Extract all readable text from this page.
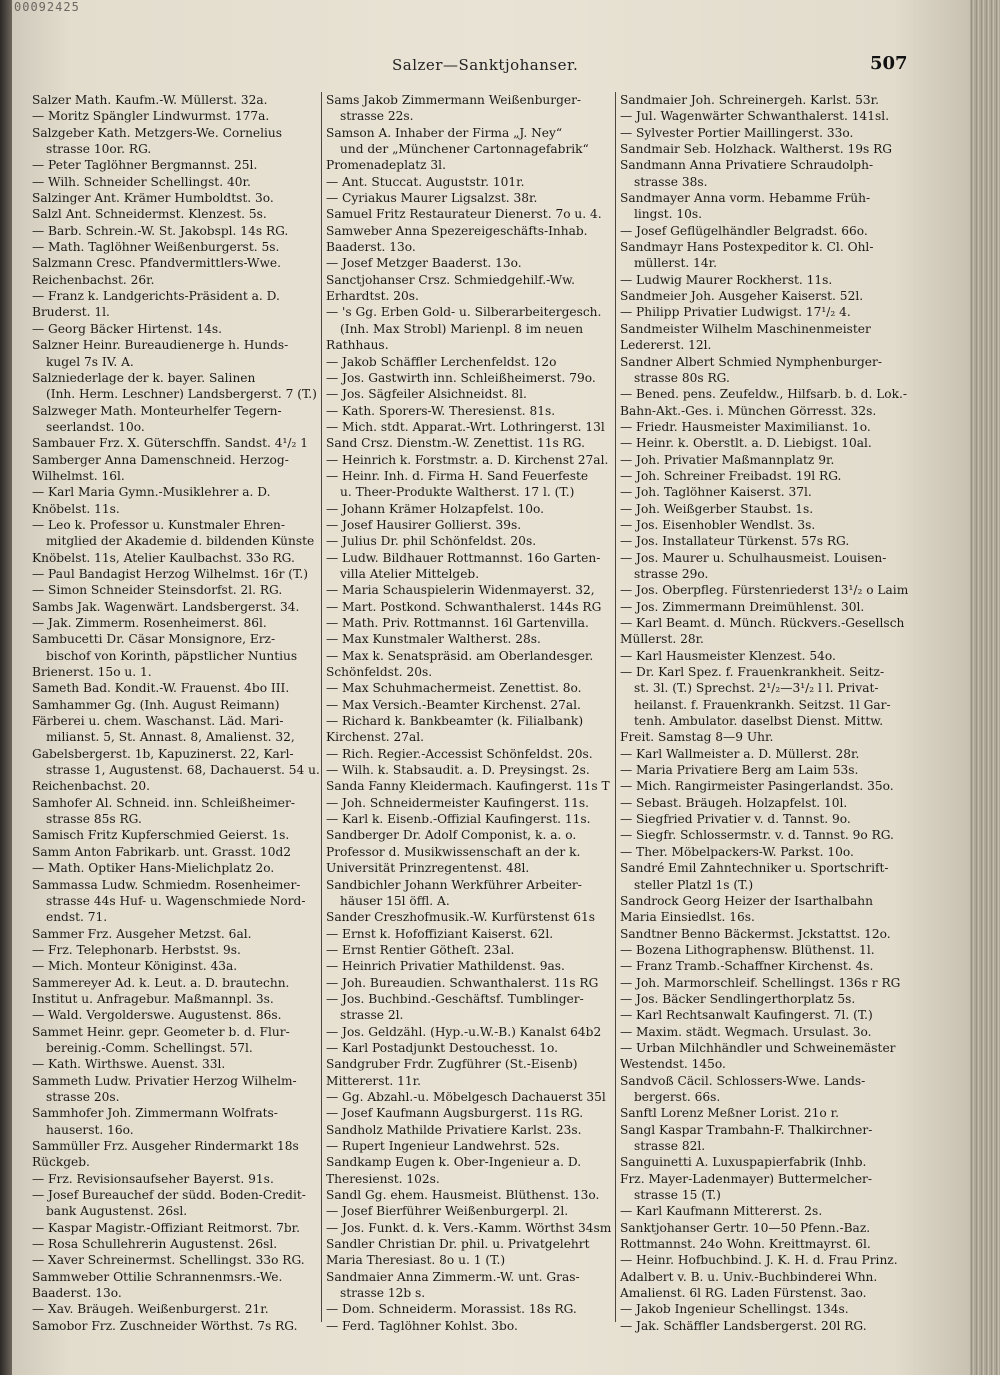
00092425
Salzer—Sanktjohanser.	507
Salzer Math. Kaufm.-W. Müllerst. 32a.
— Moritz Spängler Lindwurmst. 177a.
Salzgeber Kath. Metzgers-We. Cornelius
strasse 10or. RG.
— Peter Taglöhner Bergmannst. 25l.
— Wilh. Schneider Schellingst. 40r.
Salzinger Ant. Krämer Humboldtst. 3o.
Salzl Ant. Schneidermst. Klenzest. 5s.
— Barb. Schrein.-W. St. Jakobspl. 14s RG.
— Math. Taglöhner Weißenburgerst. 5s.
Salzmann Cresc. Pfandvermittlers-Wwe.
Reichenbachst. 26r.
— Franz k. Landgerichts-Präsident a. D.
Bruderst. 1l.
— Georg Bäcker Hirtenst. 14s.
Salzner Heinr. Bureaudienerge h. Hunds-
kugel 7s IV. A.
Salzniederlage der k. bayer. Salinen
(Inh. Herm. Leschner) Landsbergerst. 7 (T.)
Salzweger Math. Monteurhelfer Tegern-
seerlandst. 10o.
Sambauer Frz. X. Güterschffn. Sandst. 4¹/₂ 1
Samberger Anna Damenschneid. Herzog-
Wilhelmst. 16l.
— Karl Maria Gymn.-Musiklehrer a. D.
Knöbelst. 11s.
— Leo k. Professor u. Kunstmaler Ehren-
mitglied der Akademie d. bildenden Künste
Knöbelst. 11s, Atelier Kaulbachst. 33o RG.
— Paul Bandagist Herzog Wilhelmst. 16r (T.)
— Simon Schneider Steinsdorfst. 2l. RG.
Sambs Jak. Wagenwärt. Landsbergerst. 34.
— Jak. Zimmerm. Rosenheimerst. 86l.
Sambucetti Dr. Cäsar Monsignore, Erz-
bischof von Korinth, päpstlicher Nuntius
Brienerst. 15o u. 1.
Sameth Bad. Kondit.-W. Frauenst. 4bo III.
Samhammer Gg. (Inh. August Reimann)
Färberei u. chem. Waschanst. Läd. Mari-
milianst. 5, St. Annast. 8, Amalienst. 32,
Gabelsbergerst. 1b, Kapuzinerst. 22, Karl-
strasse 1, Augustenst. 68, Dachauerst. 54 u.
Reichenbachst. 20.
Samhofer Al. Schneid. inn. Schleißheimer-
strasse 85s RG.
Samisch Fritz Kupferschmied Geierst. 1s.
Samm Anton Fabrikarb. unt. Grasst. 10d2
— Math. Optiker Hans-Mielichplatz 2o.
Sammassa Ludw. Schmiedm. Rosenheimer-
strasse 44s Huf- u. Wagenschmiede Nord-
endst. 71.
Sammer Frz. Ausgeher Metzst. 6al.
— Frz. Telephonarb. Herbstst. 9s.
— Mich. Monteur Königinst. 43a.
Sammereyer Ad. k. Leut. a. D. brautechn.
Institut u. Anfragebur. Maßmannpl. 3s.
— Wald. Vergolderswe. Augustenst. 86s.
Sammet Heinr. gepr. Geometer b. d. Flur-
bereinig.-Comm. Schellingst. 57l.
— Kath. Wirthswe. Auenst. 33l.
Sammeth Ludw. Privatier Herzog Wilhelm-
strasse 20s.
Sammhofer Joh. Zimmermann Wolfrats-
hauserst. 16o.
Sammüller Frz. Ausgeher Rindermarkt 18s
Rückgeb.
— Frz. Revisionsaufseher Bayerst. 91s.
— Josef Bureauchef der südd. Boden-Credit-
bank Augustenst. 26sl.
— Kaspar Magistr.-Offiziant Reitmorst. 7br.
— Rosa Schullehrerin Augustenst. 26sl.
— Xaver Schreinermst. Schellingst. 33o RG.
Sammweber Ottilie Schrannenmsrs.-We.
Baaderst. 13o.
— Xav. Bräugeh. Weißenburgerst. 21r.
Samobor Frz. Zuschneider Wörthst. 7s RG.
Sams Jakob Zimmermann Weißenburger-
strasse 22s.
Samson A. Inhaber der Firma „J. Ney“
und der „Münchener Cartonnagefabrik“
Promenadeplatz 3l.
— Ant. Stuccat. Auguststr. 101r.
— Cyriakus Maurer Ligsalzst. 38r.
Samuel Fritz Restaurateur Dienerst. 7o u. 4.
Samweber Anna Spezereigeschäfts-Inhab.
Baaderst. 13o.
— Josef Metzger Baaderst. 13o.
Sanctjohanser Crsz. Schmiedgehilf.-Ww.
Erhardtst. 20s.
— 's Gg. Erben Gold- u. Silberarbeitergesch.
(Inh. Max Strobl) Marienpl. 8 im neuen
Rathhaus.
— Jakob Schäffler Lerchenfeldst. 12o
— Jos. Gastwirth inn. Schleißheimerst. 79o.
— Jos. Sägfeiler Alsichneidst. 8l.
— Kath. Sporers-W. Theresienst. 81s.
— Mich. stdt. Apparat.-Wrt. Lothringerst. 13l
Sand Crsz. Dienstm.-W. Zenettist. 11s RG.
— Heinrich k. Forstmstr. a. D. Kirchenst 27al.
— Heinr. Inh. d. Firma H. Sand Feuerfeste
u. Theer-Produkte Waltherst. 17 l. (T.)
— Johann Krämer Holzapfelst. 10o.
— Josef Hausirer Gollierst. 39s.
— Julius Dr. phil Schönfeldst. 20s.
— Ludw. Bildhauer Rottmannst. 16o Garten-
villa Atelier Mittelgeb.
— Maria Schauspielerin Widenmayerst. 32,
— Mart. Postkond. Schwanthalerst. 144s RG
— Math. Priv. Rottmannst. 16l Gartenvilla.
— Max Kunstmaler Waltherst. 28s.
— Max k. Senatspräsid. am Oberlandesger.
Schönfeldst. 20s.
— Max Schuhmachermeist. Zenettist. 8o.
— Max Versich.-Beamter Kirchenst. 27al.
— Richard k. Bankbeamter (k. Filialbank)
Kirchenst. 27al.
— Rich. Regier.-Accessist Schönfeldst. 20s.
— Wilh. k. Stabsaudit. a. D. Preysingst. 2s.
Sanda Fanny Kleidermach. Kaufingerst. 11s T
— Joh. Schneidermeister Kaufingerst. 11s.
— Karl k. Eisenb.-Offizial Kaufingerst. 11s.
Sandberger Dr. Adolf Componist, k. a. o.
Professor d. Musikwissenschaft an der k.
Universität Prinzregentenst. 48l.
Sandbichler Johann Werkführer Arbeiter-
häuser 15l öffl. A.
Sander Creszhofmusik.-W. Kurfürstenst 61s
— Ernst k. Hofoffiziant Kaiserst. 62l.
— Ernst Rentier Götheſt. 23al.
— Heinrich Privatier Mathildenst. 9as.
— Joh. Bureaudien. Schwanthalerst. 11s RG
— Jos. Buchbind.-Geschäftsf. Tumblinger-
strasse 2l.
— Jos. Geldzähl. (Hyp.-u.W.-B.) Kanalst 64b2
— Karl Postadjunkt Destouchesst. 1o.
Sandgruber Frdr. Zugführer (St.-Eisenb)
Mittererst. 11r.
— Gg. Abzahl.-u. Möbelgesch Dachauerst 35l
— Josef Kaufmann Augsburgerst. 11s RG.
Sandholz Mathilde Privatiere Karlst. 23s.
— Rupert Ingenieur Landwehrst. 52s.
Sandkamp Eugen k. Ober-Ingenieur a. D.
Theresienst. 102s.
Sandl Gg. ehem. Hausmeist. Blüthenst. 13o.
— Josef Bierführer Weißenburgerpl. 2l.
— Jos. Funkt. d. k. Vers.-Kamm. Wörthst 34sm
Sandler Christian Dr. phil. u. Privatgelehrt
Maria Theresiast. 8o u. 1 (T.)
Sandmaier Anna Zimmerm.-W. unt. Gras-
strasse 12b s.
— Dom. Schneiderm. Morassist. 18s RG.
— Ferd. Taglöhner Kohlst. 3bo.
Sandmaier Joh. Schreinergeh. Karlst. 53r.
— Jul. Wagenwärter Schwanthalerst. 141sl.
— Sylvester Portier Maillingerst. 33o.
Sandmair Seb. Holzhack. Waltherst. 19s RG
Sandmann Anna Privatiere Schraudolph-
strasse 38s.
Sandmayer Anna vorm. Hebamme Früh-
lingst. 10s.
— Josef Geflügelhändler Belgradst. 66o.
Sandmayr Hans Postexpeditor k. Cl. Ohl-
müllerst. 14r.
— Ludwig Maurer Rockherst. 11s.
Sandmeier Joh. Ausgeher Kaiserst. 52l.
— Philipp Privatier Ludwigst. 17¹/₂ 4.
Sandmeister Wilhelm Maschinenmeister
Ledererst. 12l.
Sandner Albert Schmied Nymphenburger-
strasse 80s RG.
— Bened. pens. Zeufeldw., Hilfsarb. b. d. Lok.-
Bahn-Akt.-Ges. i. München Görresst. 32s.
— Friedr. Hausmeister Maximilianst. 1o.
— Heinr. k. Oberstlt. a. D. Liebigst. 10al.
— Joh. Privatier Maßmannplatz 9r.
— Joh. Schreiner Freibadst. 19l RG.
— Joh. Taglöhner Kaiserst. 37l.
— Joh. Weißgerber Staubst. 1s.
— Jos. Eisenhobler Wendlst. 3s.
— Jos. Installateur Türkenst. 57s RG.
— Jos. Maurer u. Schulhausmeist. Louisen-
strasse 29o.
— Jos. Oberpfleg. Fürstenriederst 13¹/₂ o Laim
— Jos. Zimmermann Dreimühlenst. 30l.
— Karl Beamt. d. Münch. Rückvers.-Gesellsch
Müllerst. 28r.
— Karl Hausmeister Klenzest. 54o.
— Dr. Karl Spez. f. Frauenkrankheit. Seitz-
st. 3l. (T.) Sprechst. 2¹/₂—3¹/₂ l l. Privat-
heilanst. f. Frauenkrankh. Seitzst. 1l Gar-
tenh. Ambulator. daselbst Dienst. Mittw.
Freit. Samstag 8—9 Uhr.
— Karl Wallmeister a. D. Müllerst. 28r.
— Maria Privatiere Berg am Laim 53s.
— Mich. Rangirmeister Pasingerlandst. 35o.
— Sebast. Bräugeh. Holzapfelst. 10l.
— Siegfried Privatier v. d. Tannst. 9o.
— Siegfr. Schlossermstr. v. d. Tannst. 9o RG.
— Ther. Möbelpackers-W. Parkst. 10o.
Sandré Emil Zahntechniker u. Sportschrift-
steller Platzl 1s (T.)
Sandrock Georg Heizer der Isarthalbahn
Maria Einsiedlst. 16s.
Sandtner Benno Bäckermst. Jckstattst. 12o.
— Bozena Lithographensw. Blüthenst. 1l.
— Franz Tramb.-Schaffner Kirchenst. 4s.
— Joh. Marmorschleif. Schellingst. 136s r RG
— Jos. Bäcker Sendlingerthorplatz 5s.
— Karl Rechtsanwalt Kaufingerst. 7l. (T.)
— Maxim. städt. Wegmach. Ursulast. 3o.
— Urban Milchhändler und Schweinemäster
Westendst. 145o.
Sandvoß Cäcil. Schlossers-Wwe. Lands-
bergerst. 66s.
Sanftl Lorenz Meßner Lorist. 21o r.
Sangl Kaspar Trambahn-F. Thalkirchner-
strasse 82l.
Sanguinetti A. Luxuspapierfabrik (Inhb.
Frz. Mayer-Ladenmayer) Buttermelcher-
strasse 15 (T.)
— Karl Kaufmann Mittererst. 2s.
Sanktjohanser Gertr. 10—50 Pfenn.-Baz.
Rottmannst. 24o Wohn. Kreittmayrst. 6l.
— Heinr. Hofbuchbind. J. K. H. d. Frau Prinz.
Adalbert v. B. u. Univ.-Buchbinderei Whn.
Amalienst. 6l RG. Laden Fürstenst. 3ao.
— Jakob Ingenieur Schellingst. 134s.
— Jak. Schäffler Landsbergerst. 20l RG.
